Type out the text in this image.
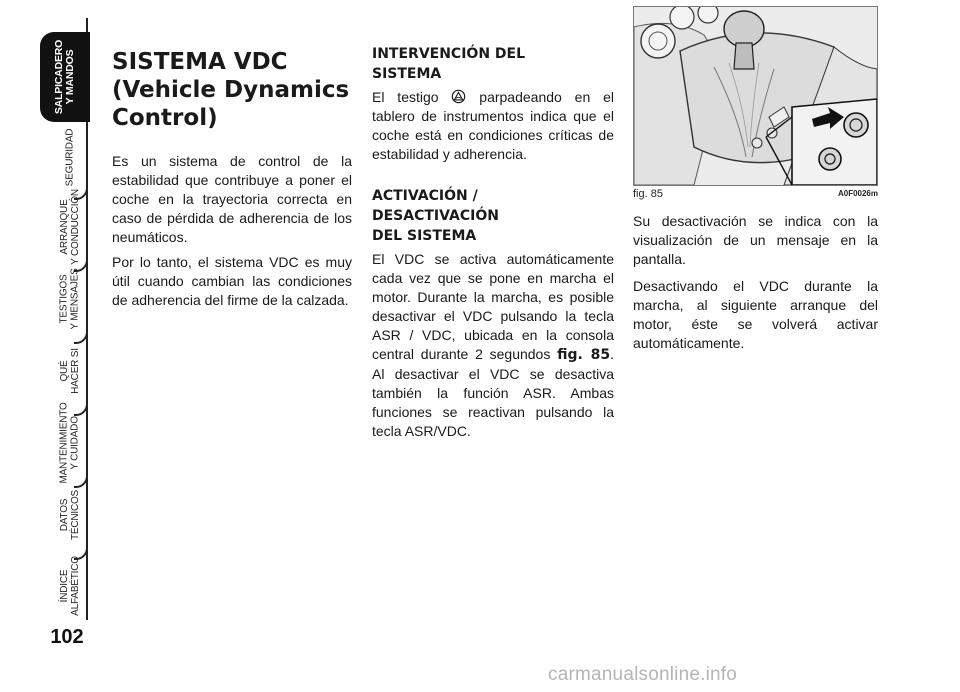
SALPICADERO
Y MANDOS
SEGURIDAD
ARRANQUE
Y CONDUCCIÓN
TESTIGOS
Y MENSAJES
QUÉ
HACER SI
MANTENIMIENTO
Y CUIDADO
DATOS
TÉCNICOS
ÍNDICE
ALFABÉTICO
102
SISTEMA VDC
(Vehicle Dynamics
Control)

Es un sistema de control de la estabilidad que contribuye a poner el coche en la trayectoria correcta en caso de pérdida de adherencia de los neumáticos.

Por lo tanto, el sistema VDC es muy útil cuando cambian las condiciones de adherencia del firme de la calzada.

INTERVENCIÓN DEL
SISTEMA

El testigo  parpadeando en el tablero de instrumentos indica que el coche está en condiciones críticas de estabilidad y adherencia.

ACTIVACIÓN /
DESACTIVACIÓN
DEL SISTEMA

El VDC se activa automáticamente cada vez que se pone en marcha el motor. Durante la marcha, es posible desactivar el VDC pulsando la tecla ASR / VDC, ubicada en la consola central durante 2 segundos fig. 85. Al desactivar el VDC se desactiva también la función ASR. Ambas funciones se reactivan pulsando la tecla ASR/VDC.

fig. 85	A0F0026m

Su desactivación se indica con la visualización de un mensaje en la pantalla.

Desactivando el VDC durante la marcha, al siguiente arranque del motor, éste se volverá activar automáticamente.

carmanualsonline.info
